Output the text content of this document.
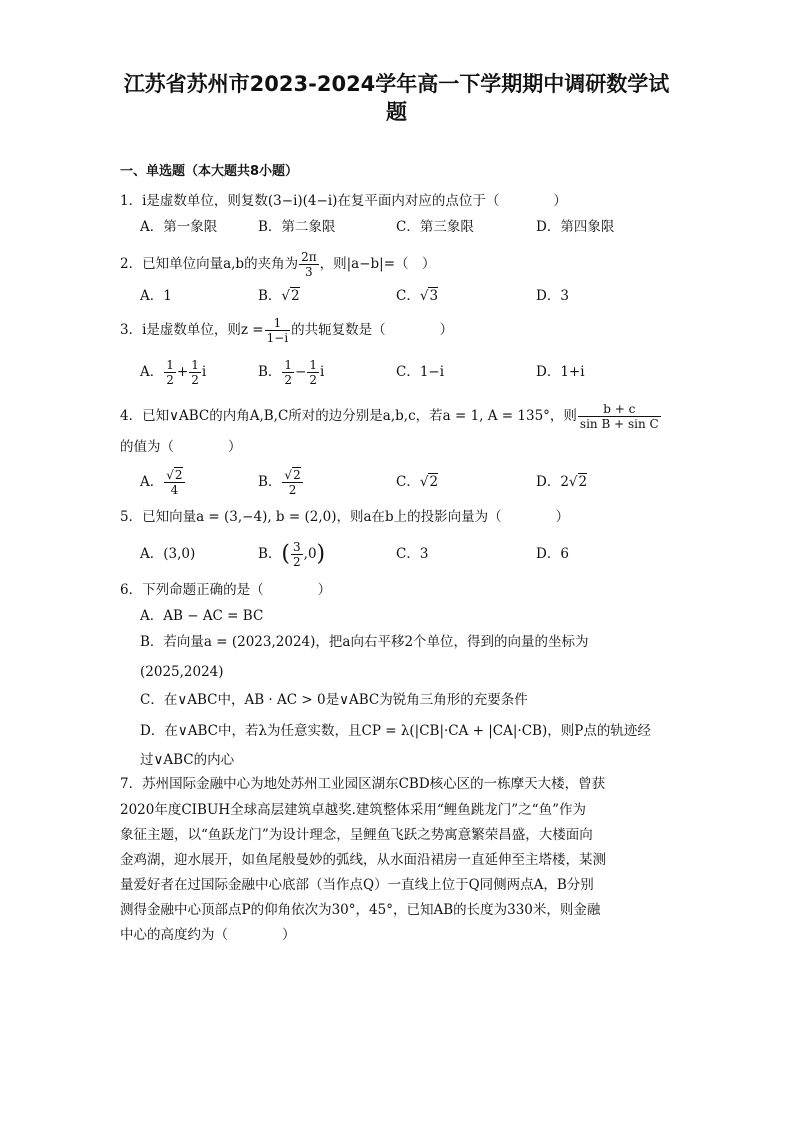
江苏省苏州市2023-2024学年高一下学期期中调研数学试
题
一、单选题（本大题共8小题）
1．i是虚数单位，则复数(3−i)(4−i)在复平面内对应的点位于（　　　　）
A．第一象限	B．第二象限	C．第三象限	D．第四象限
2．已知单位向量a,b的夹角为 $\frac{2\pi}{3}$ ，则|a−b|=（　）
A．1	B．√2	C．√3	D．3
3．i是虚数单位，则$z = \frac{1}{1-i}$ 的共轭复数是（　　　　）
A． $\frac{1}{2} + \frac{1}{2}$ i	B． $\frac{1}{2} - \frac{1}{2}$ i	C．1−i	D．1+i
4．已知∨ABC的内角A,B,C所对的边分别是a,b,c，若a = 1, A = 135°，则 $\frac{b + c}{\text{sin B + sin C}}$
的值为（　　　　）
A． $\frac{√2}{4}$	B． $\frac{√2}{2}$	C．√2	D．2√2
5．已知向量a = (3,−4), b = (2,0)，则a在b上的投影向量为（　　　　）
A．(3,0)	B．( $\frac{3}{2} ,0$)	C．3	D．6
6．下列命题正确的是（　　　　）
A．AB − AC = BC
B．若向量a = (2023,2024)，把a向右平移2个单位，得到的向量的坐标为
(2025,2024)
C．在∨ABC中，AB · AC > 0是∨ABC为锐角三角形的充要条件
D．在∨ABC中，若λ为任意实数，且CP = λ(|CB|·CA + |CA|·CB)，则P点的轨迹经
过∨ABC的内心
7．苏州国际金融中心为地处苏州工业园区湖东CBD核心区的一栋摩天大楼，曾获
2020年度CIBUH全球高层建筑卓越奖.建筑整体采用“鲤鱼跳龙门”之“鱼”作为
象征主题，以“鱼跃龙门”为设计理念，呈鲤鱼飞跃之势寓意繁荣昌盛，大楼面向
金鸡湖，迎水展开，如鱼尾般曼妙的弧线，从水面沿裙房一直延伸至主塔楼，某测
量爱好者在过国际金融中心底部（当作点Q）一直线上位于Q同侧两点A，B分别
测得金融中心顶部点P的仰角依次为30°，45°，已知AB的长度为330米，则金融
中心的高度约为（　　　　）
